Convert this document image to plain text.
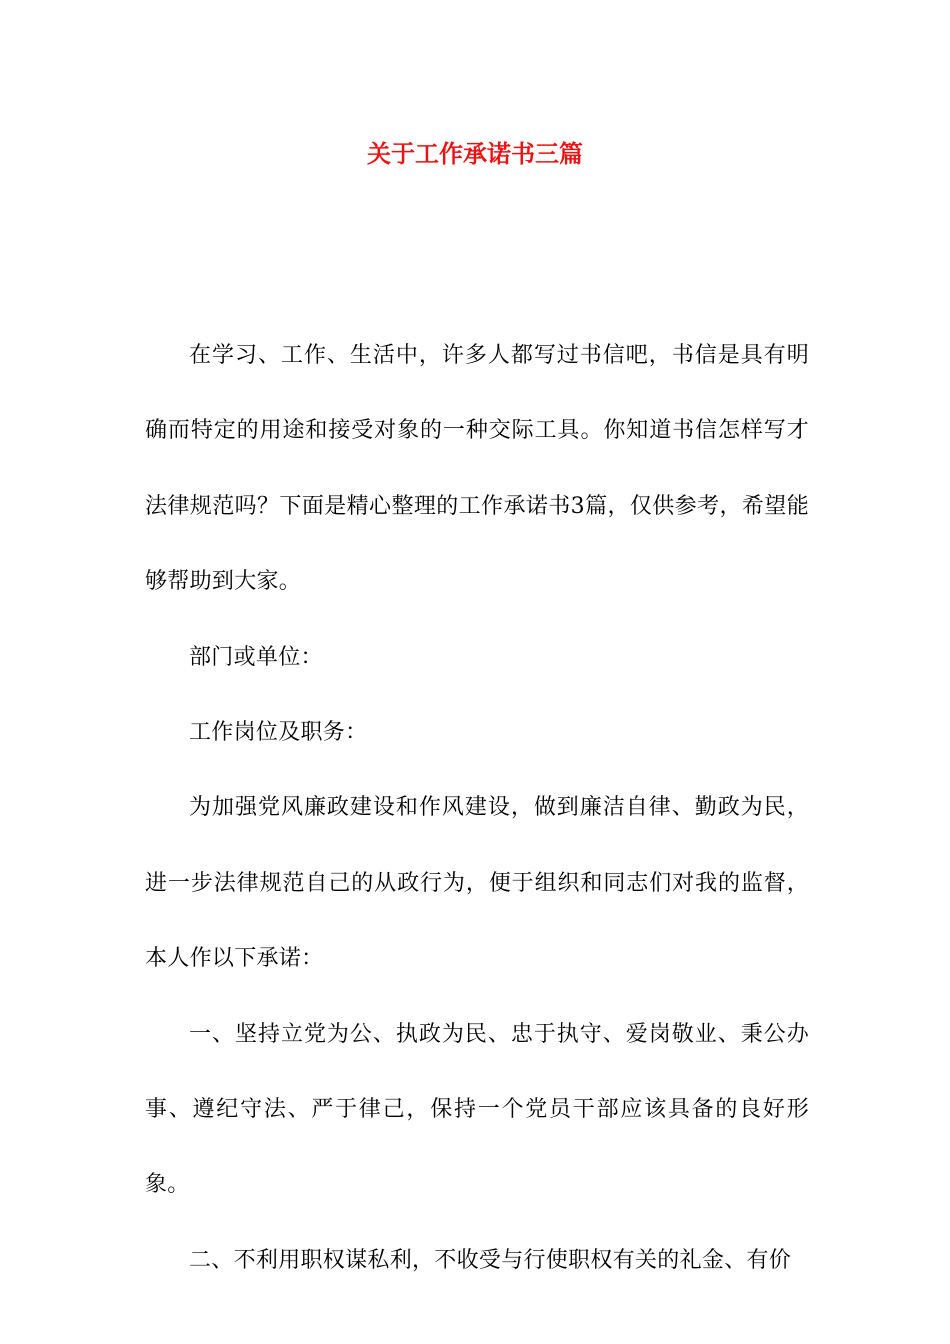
关于工作承诺书三篇

在学习、工作、生活中，许多人都写过书信吧，书信是具有明确而特定的用途和接受对象的一种交际工具。你知道书信怎样写才法律规范吗？下面是精心整理的工作承诺书3篇，仅供参考，希望能够帮助到大家。

部门或单位：

工作岗位及职务：

为加强党风廉政建设和作风建设，做到廉洁自律、勤政为民，进一步法律规范自己的从政行为，便于组织和同志们对我的监督，本人作以下承诺：

一、坚持立党为公、执政为民、忠于执守、爱岗敬业、秉公办事、遵纪守法、严于律己，保持一个党员干部应该具备的良好形象。

二、不利用职权谋私利，不收受与行使职权有关的礼金、有价
